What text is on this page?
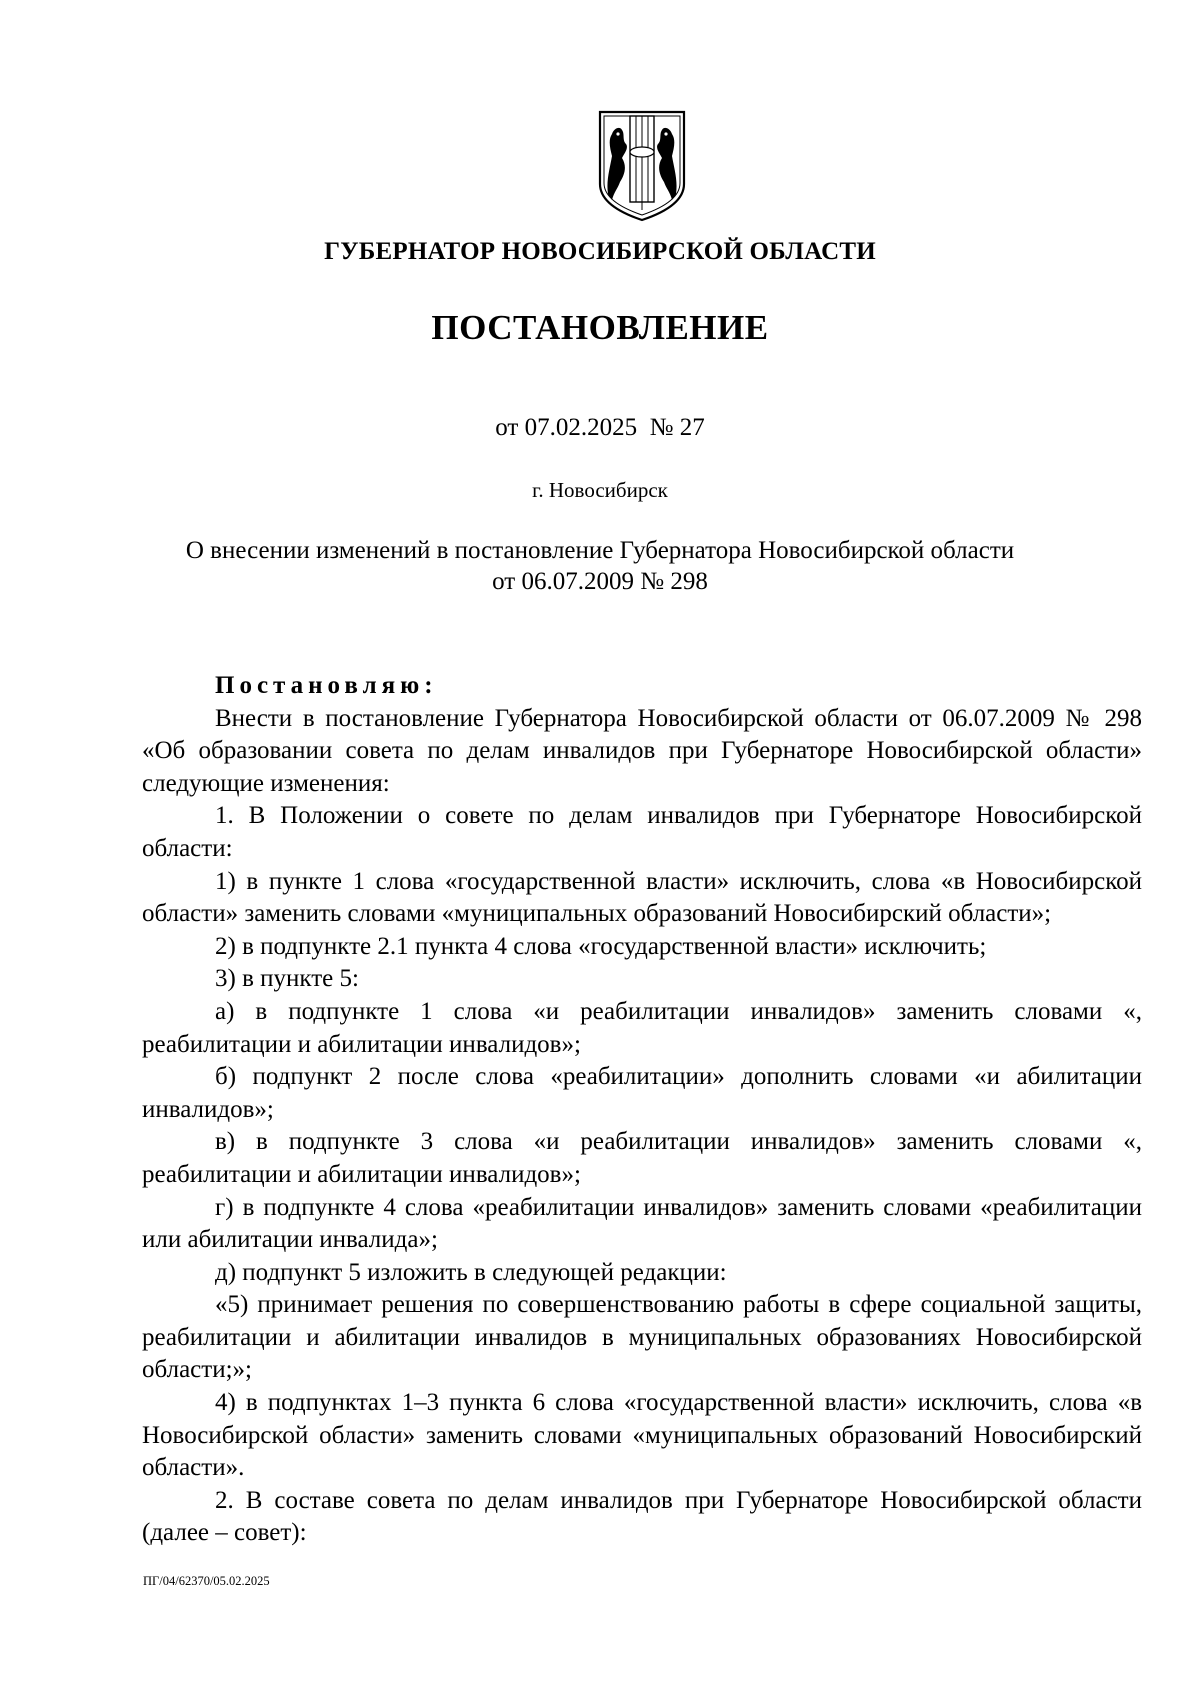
ГУБЕРНАТОР НОВОСИБИРСКОЙ ОБЛАСТИ
ПОСТАНОВЛЕНИЕ
от 07.02.2025  № 27
г. Новосибирск
О внесении изменений в постановление Губернатора Новосибирской области
от 06.07.2009 № 298

Постановляю:

Внести в постановление Губернатора Новосибирской области от 06.07.2009 № 298 «Об образовании совета по делам инвалидов при Губернаторе Новосибирской области» следующие изменения:

1. В Положении о совете по делам инвалидов при Губернаторе Новосибирской области:

1) в пункте 1 слова «государственной власти» исключить, слова «в Новосибирской области» заменить словами «муниципальных образований Новосибирский области»;

2) в подпункте 2.1 пункта 4 слова «государственной власти» исключить;

3) в пункте 5:

а) в подпункте 1 слова «и реабилитации инвалидов» заменить словами «, реабилитации и абилитации инвалидов»;

б) подпункт 2 после слова «реабилитации» дополнить словами «и абилитации инвалидов»;

в) в подпункте 3 слова «и реабилитации инвалидов» заменить словами «, реабилитации и абилитации инвалидов»;

г) в подпункте 4 слова «реабилитации инвалидов» заменить словами «реабилитации или абилитации инвалида»;

д) подпункт 5 изложить в следующей редакции:

«5) принимает решения по совершенствованию работы в сфере социальной защиты, реабилитации и абилитации инвалидов в муниципальных образованиях Новосибирской области;»;

4) в подпунктах 1–3 пункта 6 слова «государственной власти» исключить, слова «в Новосибирской области» заменить словами «муниципальных образований Новосибирский области».

2. В составе совета по делам инвалидов при Губернаторе Новосибирской области (далее – совет):

ПГ/04/62370/05.02.2025
